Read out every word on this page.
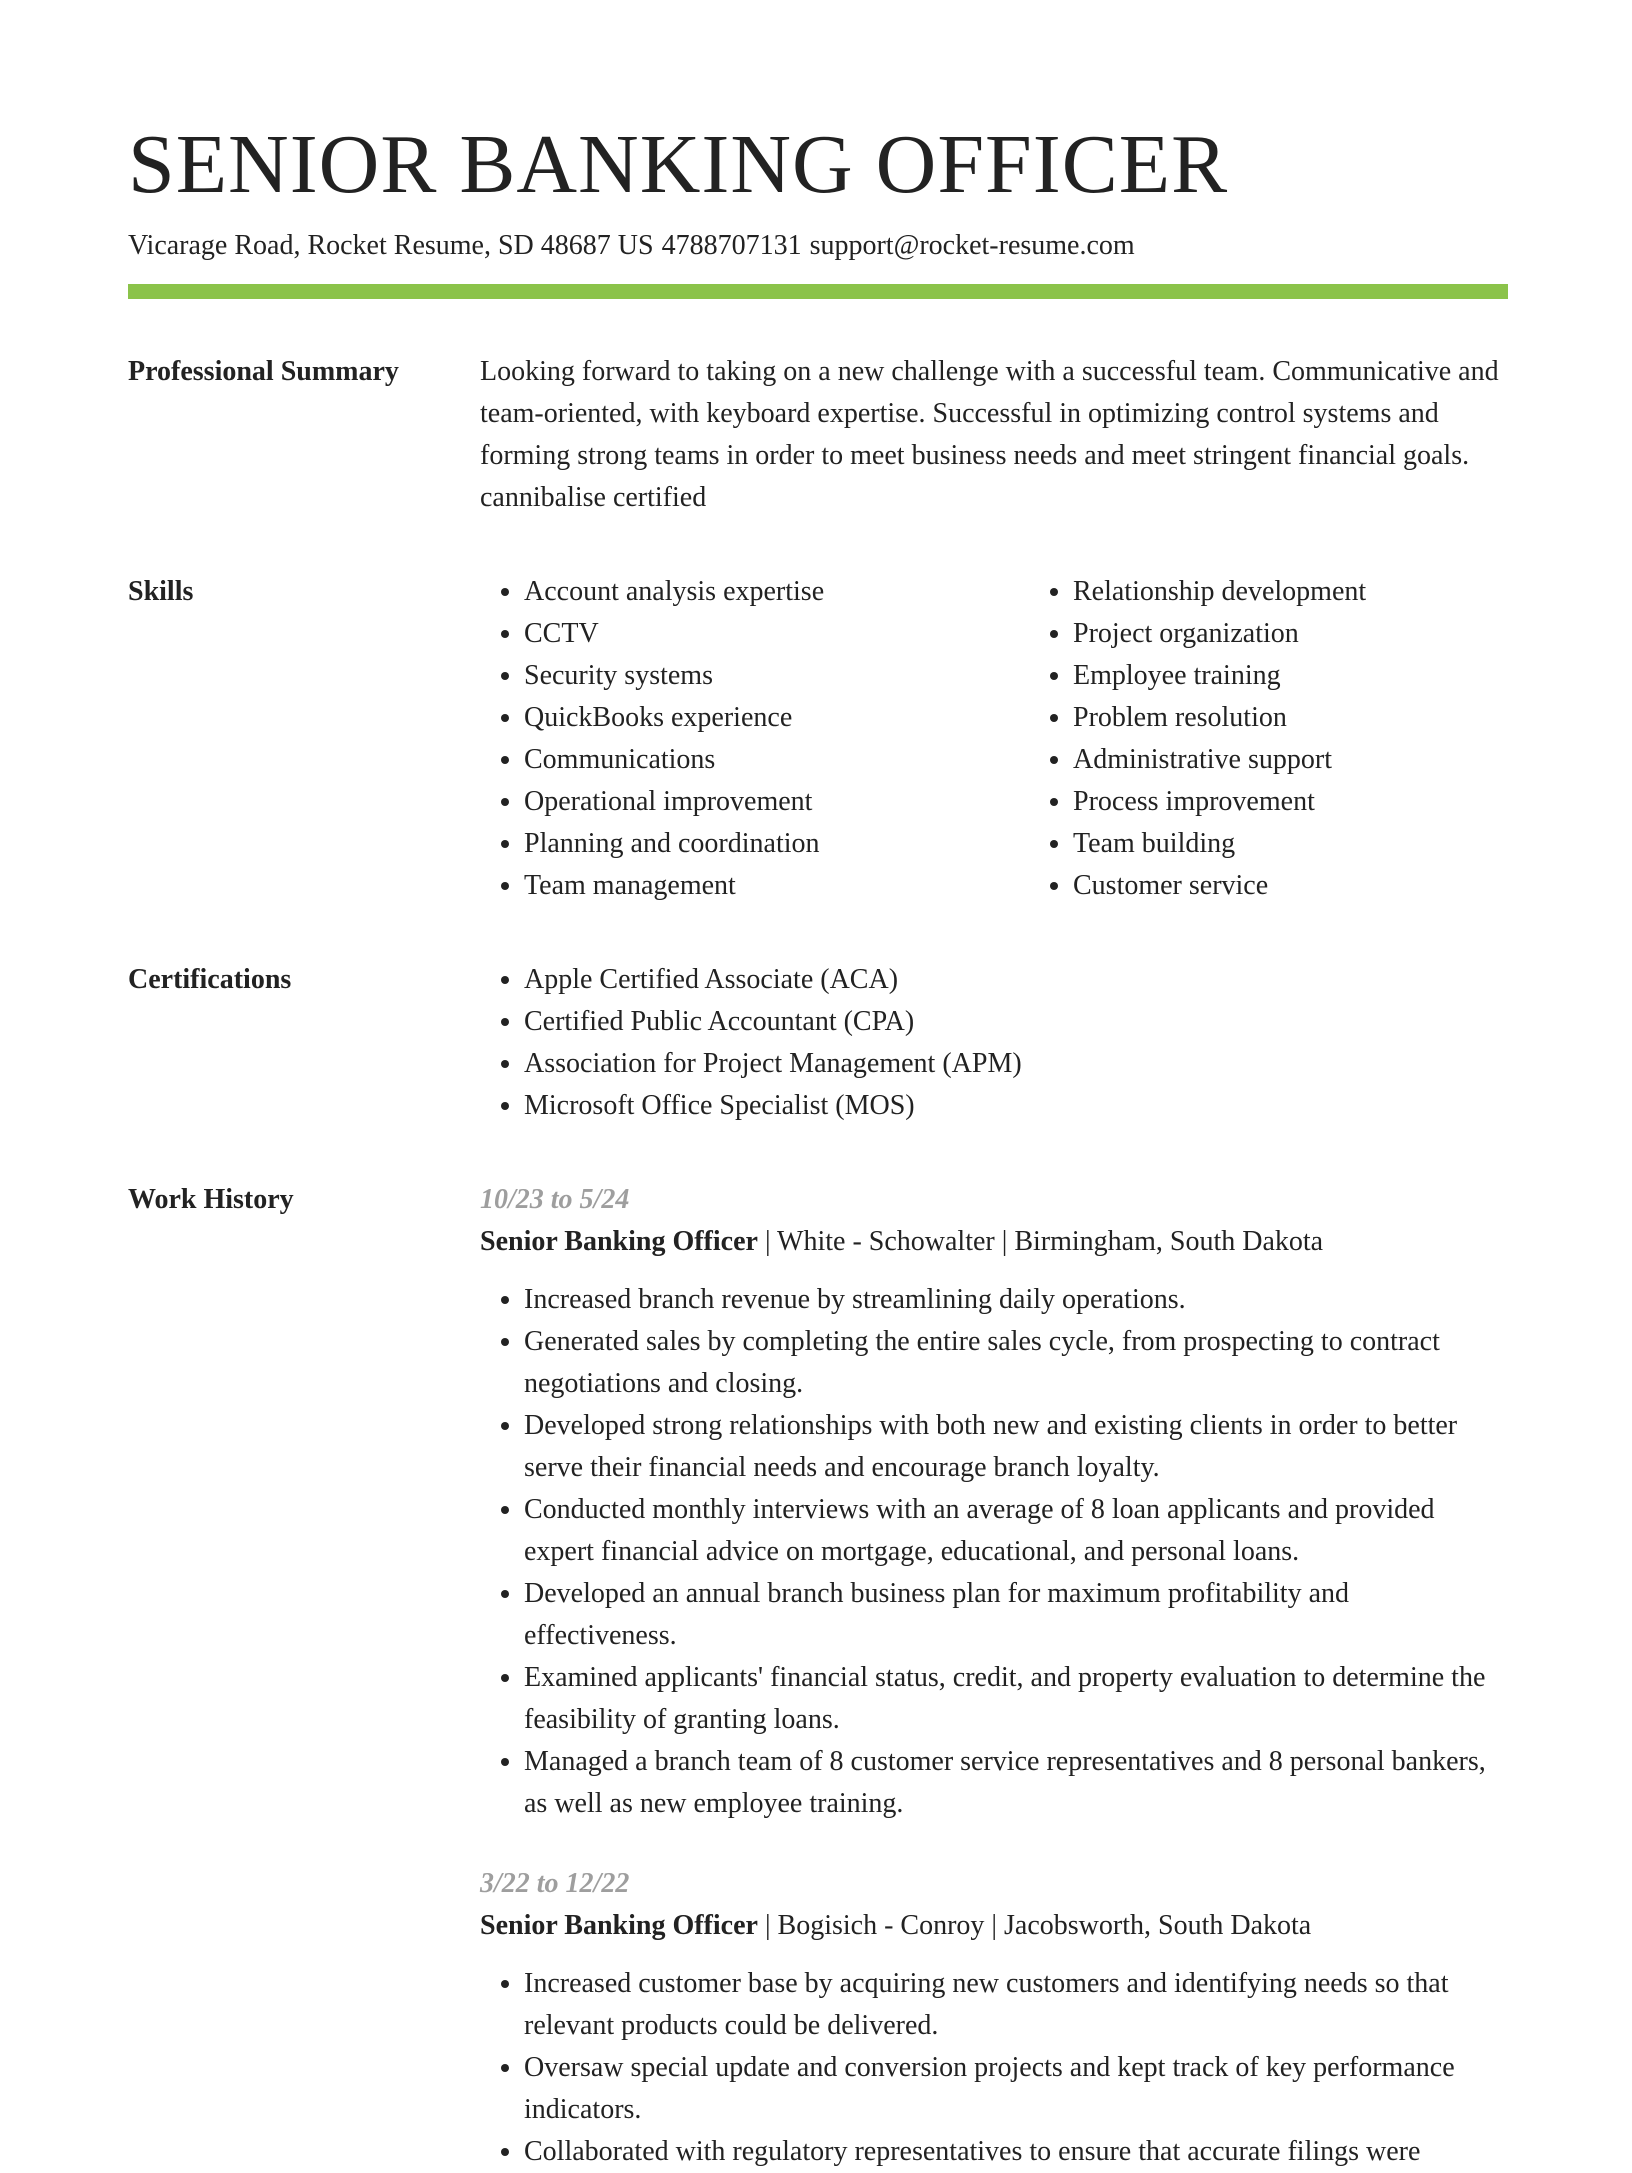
SENIOR BANKING OFFICER
Vicarage Road, Rocket Resume, SD 48687 US 4788707131 support@rocket-resume.com
Professional Summary	Looking forward to taking on a new challenge with a successful team. Communicative and team-oriented, with keyboard expertise. Successful in optimizing control systems and forming strong teams in order to meet business needs and meet stringent financial goals. cannibalise certified

Skills	• Account analysis expertise
• CCTV
• Security systems
• QuickBooks experience
• Communications
• Operational improvement
• Planning and coordination
• Team management
• Relationship development
• Project organization
• Employee training
• Problem resolution
• Administrative support
• Process improvement
• Team building
• Customer service
Certifications	• Apple Certified Associate (ACA)
• Certified Public Accountant (CPA)
• Association for Project Management (APM)
• Microsoft Office Specialist (MOS)
Work History	10/23 to 5/24
Senior Banking Officer | White - Schowalter | Birmingham, South Dakota
• Increased branch revenue by streamlining daily operations.
• Generated sales by completing the entire sales cycle, from prospecting to contract negotiations and closing.
• Developed strong relationships with both new and existing clients in order to better serve their financial needs and encourage branch loyalty.
• Conducted monthly interviews with an average of 8 loan applicants and provided expert financial advice on mortgage, educational, and personal loans.
• Developed an annual branch business plan for maximum profitability and effectiveness.
• Examined applicants' financial status, credit, and property evaluation to determine the feasibility of granting loans.
• Managed a branch team of 8 customer service representatives and 8 personal bankers, as well as new employee training.
3/22 to 12/22
Senior Banking Officer | Bogisich - Conroy | Jacobsworth, South Dakota
• Increased customer base by acquiring new customers and identifying needs so that relevant products could be delivered.
• Oversaw special update and conversion projects and kept track of key performance indicators.
• Collaborated with regulatory representatives to ensure that accurate filings were
